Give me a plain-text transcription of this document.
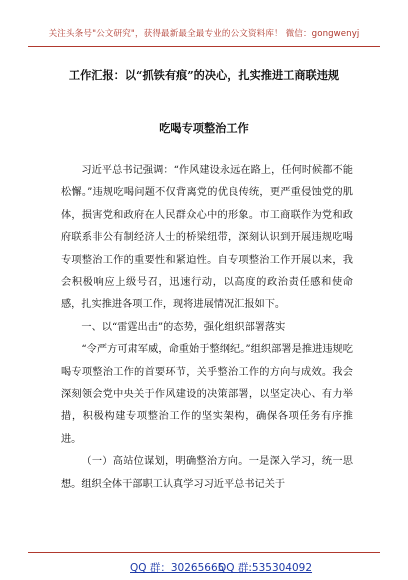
关注头条号"公文研究"，获得最新最全最专业的公文资料库！ 微信：gongwenyj
工作汇报：以“抓铁有痕”的决心，扎实推进工商联违规
吃喝专项整治工作

习近平总书记强调：“作风建设永远在路上，任何时候都不能松懈。”违规吃喝问题不仅背离党的优良传统，更严重侵蚀党的肌体，损害党和政府在人民群众心中的形象。市工商联作为党和政府联系非公有制经济人士的桥梁纽带，深刻认识到开展违规吃喝专项整治工作的重要性和紧迫性。自专项整治工作开展以来，我会积极响应上级号召，迅速行动，以高度的政治责任感和使命感，扎实推进各项工作，现将进展情况汇报如下。

一、以“雷霆出击”的态势，强化组织部署落实

“令严方可肃军威，命重始于整纲纪。”组织部署是推进违规吃喝专项整治工作的首要环节，关乎整治工作的方向与成效。我会深刻领会党中央关于作风建设的决策部署，以坚定决心、有力举措，积极构建专项整治工作的坚实架构，确保各项任务有序推进。

（一）高站位谋划，明确整治方向。一是深入学习，统一思想。组织全体干部职工认真学习习近平总书记关于

QQ 群：30265665
QQ 群:535304092
